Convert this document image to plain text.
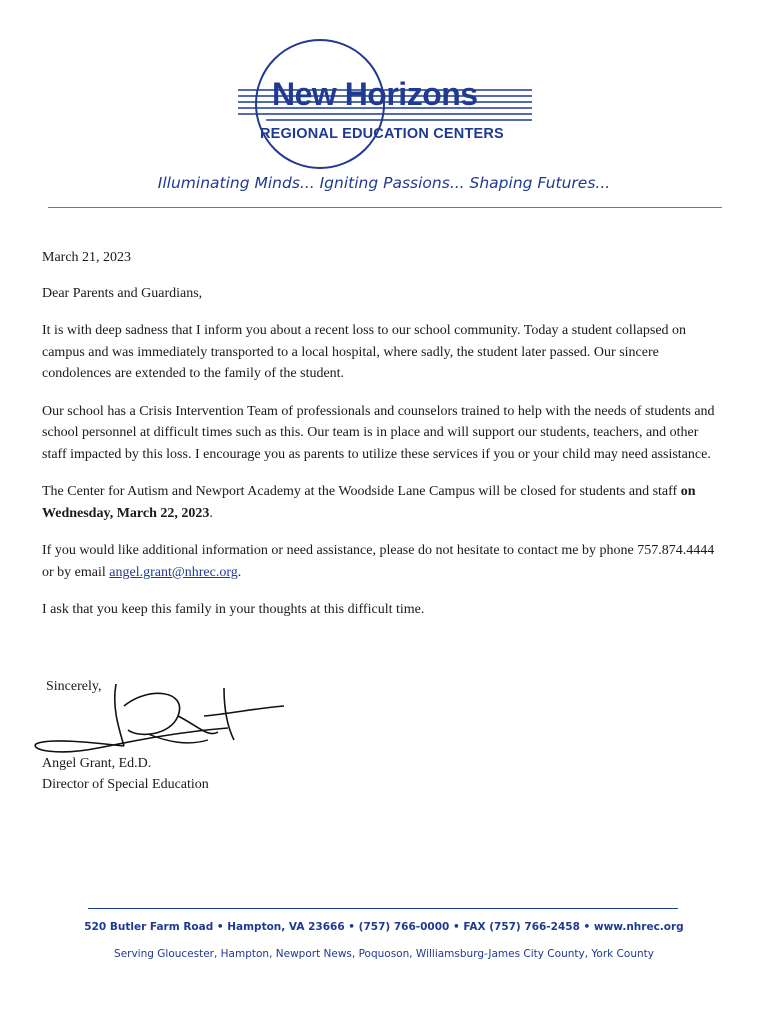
New Horizons
REGIONAL EDUCATION CENTERS
Illuminating Minds... Igniting Passions... Shaping Futures...

March 21, 2023

Dear Parents and Guardians,

It is with deep sadness that I inform you about a recent loss to our school community. Today a student collapsed on campus and was immediately transported to a local hospital, where sadly, the student later passed. Our sincere condolences are extended to the family of the student.

Our school has a Crisis Intervention Team of professionals and counselors trained to help with the needs of students and school personnel at difficult times such as this. Our team is in place and will support our students, teachers, and other staff impacted by this loss. I encourage you as parents to utilize these services if you or your child may need assistance.

The Center for Autism and Newport Academy at the Woodside Lane Campus will be closed for students and staff on Wednesday, March 22, 2023.

If you would like additional information or need assistance, please do not hesitate to contact me by phone 757.874.4444 or by email angel.grant@nhrec.org.

I ask that you keep this family in your thoughts at this difficult time.

Sincerely,
Angel Grant, Ed.D.
Director of Special Education
520 Butler Farm Road • Hampton, VA 23666 • (757) 766-0000 • FAX (757) 766-2458 • www.nhrec.org
Serving Gloucester, Hampton, Newport News, Poquoson, Williamsburg-James City County, York County
